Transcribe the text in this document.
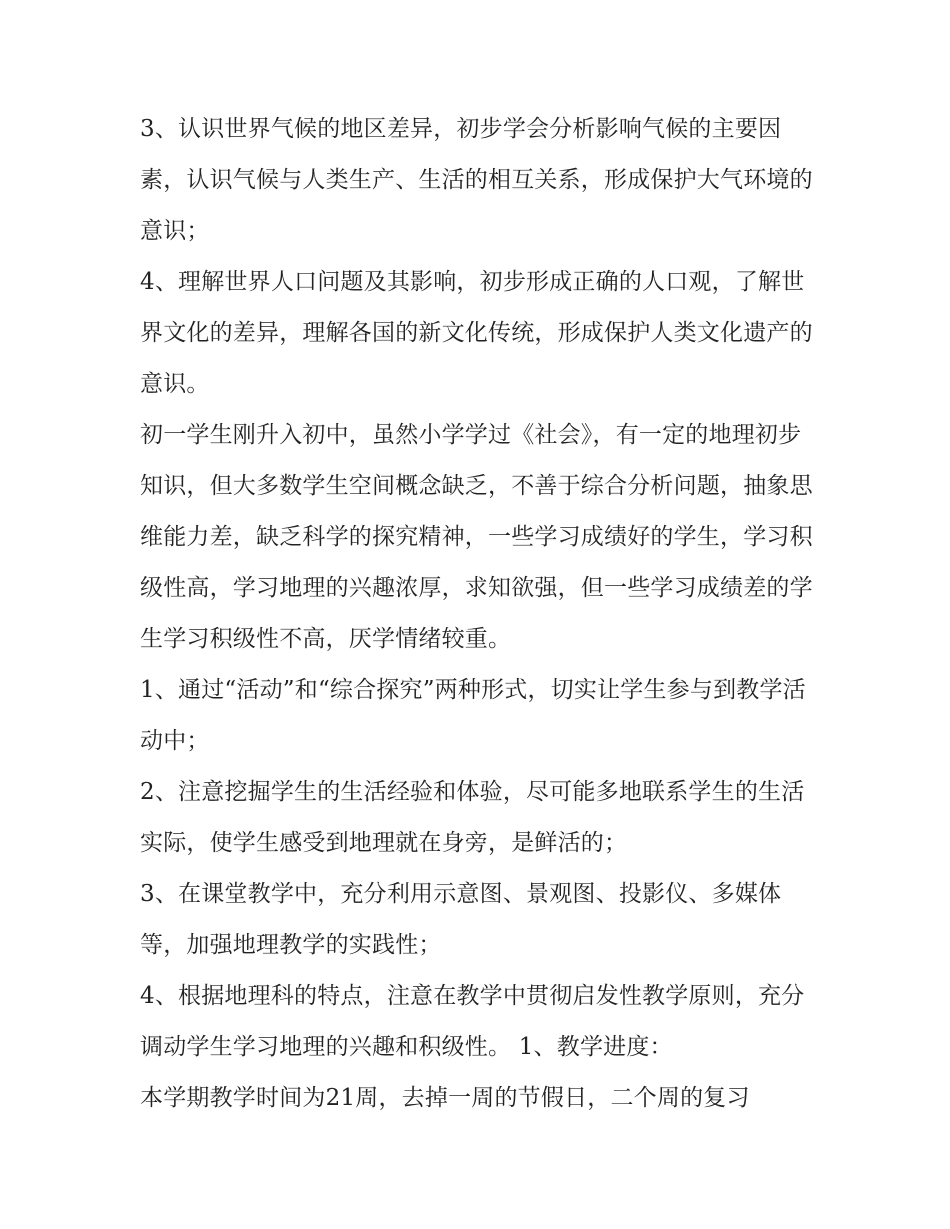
3、认识世界气候的地区差异，初步学会分析影响气候的主要因素，认识气候与人类生产、生活的相互关系，形成保护大气环境的意识；

4、理解世界人口问题及其影响，初步形成正确的人口观，了解世界文化的差异，理解各国的新文化传统，形成保护人类文化遗产的意识。

初一学生刚升入初中，虽然小学学过《社会》，有一定的地理初步知识，但大多数学生空间概念缺乏，不善于综合分析问题，抽象思维能力差，缺乏科学的探究精神，一些学习成绩好的学生，学习积级性高，学习地理的兴趣浓厚，求知欲强，但一些学习成绩差的学生学习积级性不高，厌学情绪较重。

1、通过“活动”和“综合探究”两种形式，切实让学生参与到教学活动中；

2、注意挖掘学生的生活经验和体验，尽可能多地联系学生的生活实际，使学生感受到地理就在身旁，是鲜活的；

3、在课堂教学中，充分利用示意图、景观图、投影仪、多媒体等，加强地理教学的实践性；

4、根据地理科的特点，注意在教学中贯彻启发性教学原则，充分调动学生学习地理的兴趣和积级性。 1、教学进度：

本学期教学时间为21周，去掉一周的节假日，二个周的复习
